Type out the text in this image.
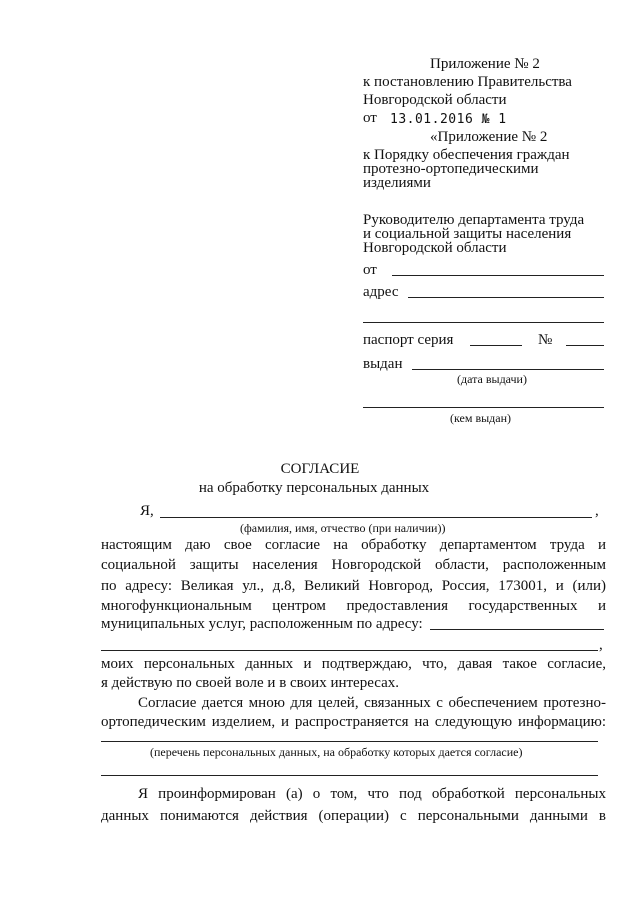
Приложение № 2
к постановлению Правительства
Новгородской области
от 13.01.2016 № 1
«Приложение № 2
к Порядку обеспечения граждан
протезно-ортопедическими
изделиями
Руководителю департамента труда
и социальной защиты населения
Новгородской области
от
адрес
паспорт серия	№
выдан
(дата выдачи)
(кем выдан)
СОГЛАСИЕ
на обработку персональных данных
Я,	,
(фамилия, имя, отчество (при наличии))
настоящим даю свое согласие на обработку департаментом труда и
социальной защиты населения Новгородской области, расположенным
по адресу: Великая ул., д.8, Великий Новгород, Россия, 173001, и (или)
многофункциональным центром предоставления государственных и
муниципальных услуг, расположенным по адресу:
,
моих персональных данных и подтверждаю, что, давая такое согласие,
я действую по своей воле и в своих интересах.
Согласие дается мною для целей, связанных с обеспечением протезно-
ортопедическим изделием, и распространяется на следующую информацию:
(перечень персональных данных, на обработку которых дается согласие)
Я проинформирован (а) о том, что под обработкой персональных
данных понимаются действия (операции) с персональными данными в
